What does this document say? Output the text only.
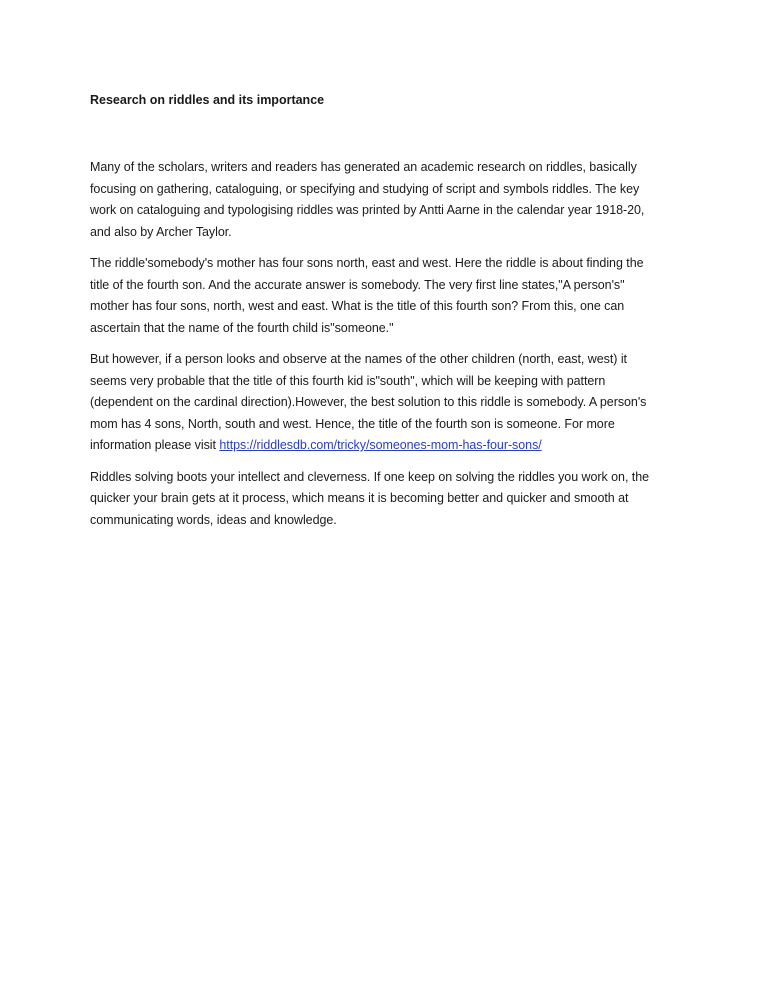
Research on riddles and its importance

Many of the scholars, writers and readers has generated an academic research on riddles, basically
focusing on gathering, cataloguing, or specifying and studying of script and symbols riddles. The key
work on cataloguing and typologising riddles was printed by Antti Aarne in the calendar year 1918-20,
and also by Archer Taylor.

The riddle'somebody's mother has four sons north, east and west. Here the riddle is about finding the
title of the fourth son. And the accurate answer is somebody. The very first line states,"A person's"
mother has four sons, north, west and east. What is the title of this fourth son? From this, one can
ascertain that the name of the fourth child is"someone."

But however, if a person looks and observe at the names of the other children (north, east, west) it
seems very probable that the title of this fourth kid is"south", which will be keeping with pattern
(dependent on the cardinal direction).However, the best solution to this riddle is somebody. A person's
mom has 4 sons, North, south and west. Hence, the title of the fourth son is someone. For more
information please visit https://riddlesdb.com/tricky/someones-mom-has-four-sons/

Riddles solving boots your intellect and cleverness. If one keep on solving the riddles you work on, the
quicker your brain gets at it process, which means it is becoming better and quicker and smooth at
communicating words, ideas and knowledge.
